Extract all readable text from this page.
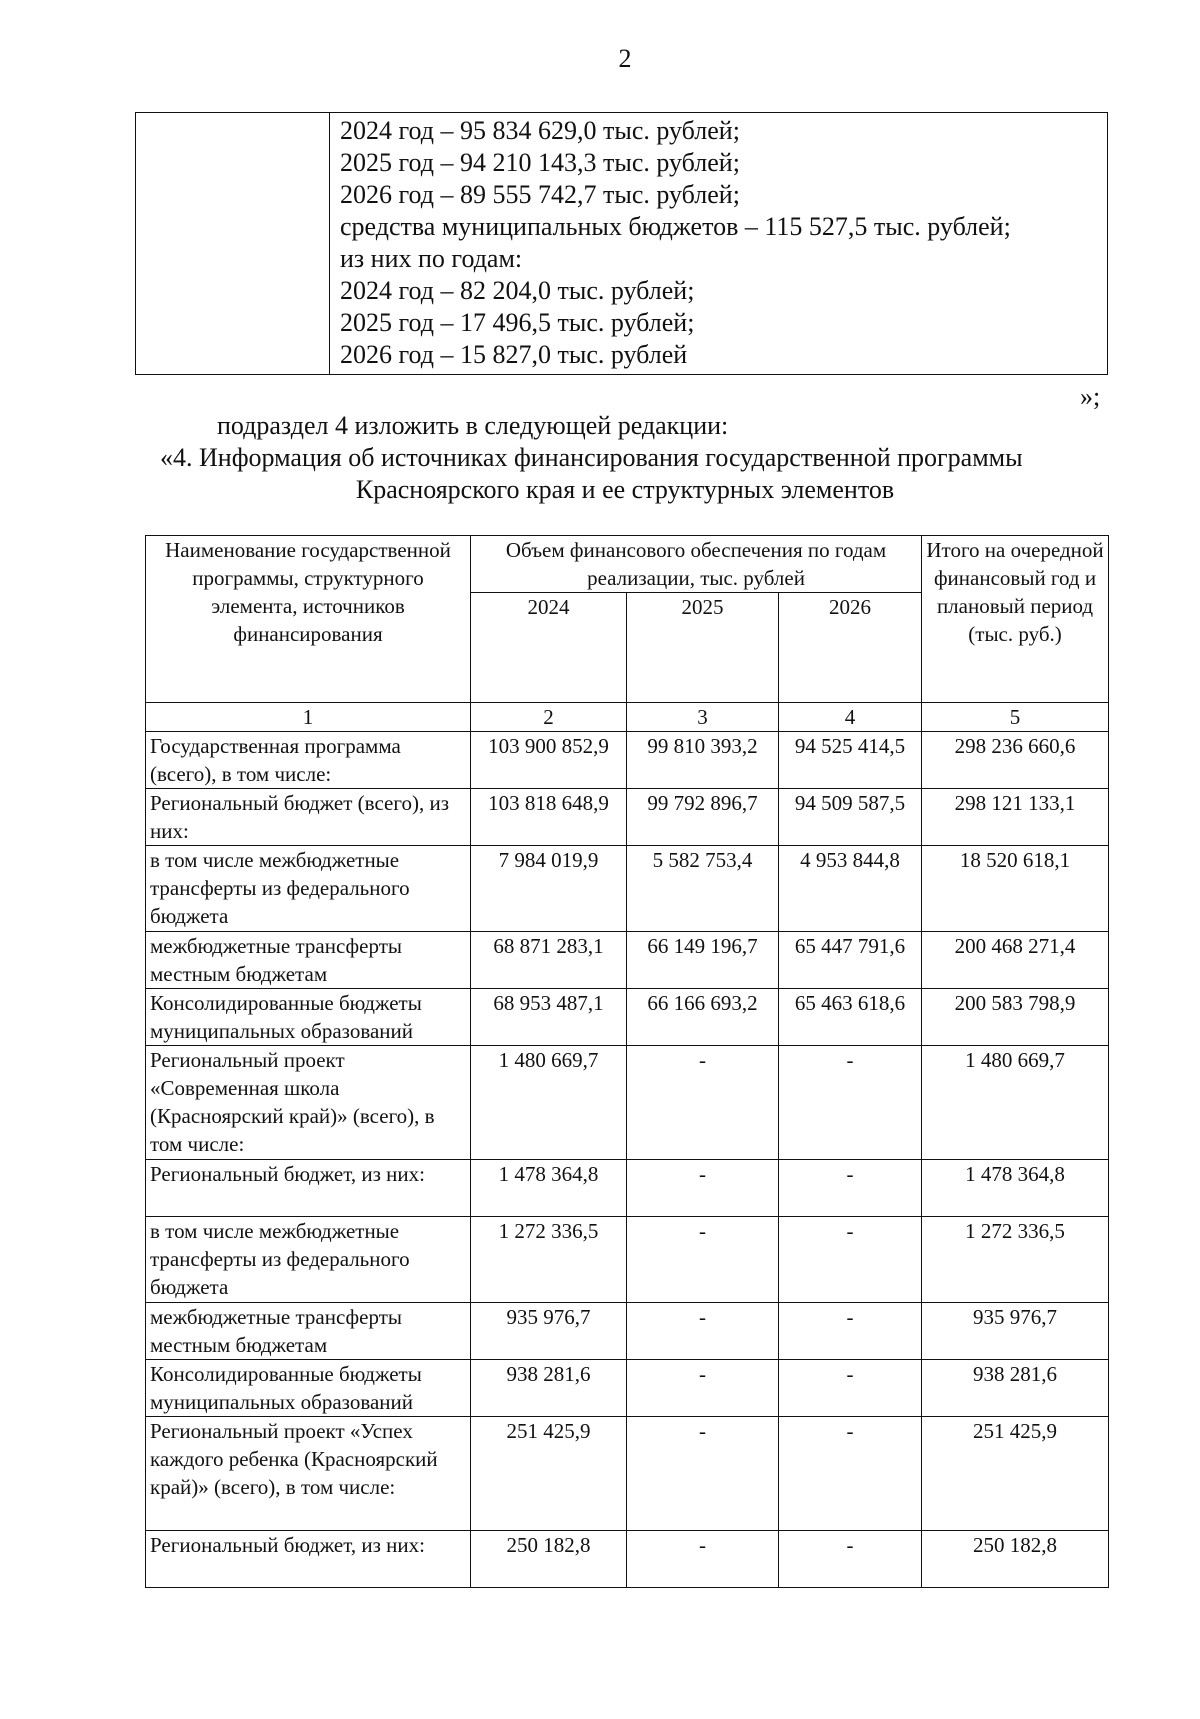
2
2024 год – 95 834 629,0 тыс. рублей;
2025 год – 94 210 143,3 тыс. рублей;
2026 год – 89 555 742,7 тыс. рублей;
средства муниципальных бюджетов – 115 527,5 тыс. рублей;
из них по годам:
2024 год – 82 204,0 тыс. рублей;
2025 год – 17 496,5 тыс. рублей;
2026 год – 15 827,0 тыс. рублей
»;
подраздел 4 изложить в следующей редакции:
«4. Информация об источниках финансирования государственной программы
Красноярского края и ее структурных элементов
Наименование государственной программы, структурного элемента, источников финансирования	Объем финансового обеспечения по годам реализации, тыс. рублей			Итого на очередной финансовый год и плановый период (тыс. руб.)
	2024	2025	2026	
1	2	3	4	5
Государственная программа (всего), в том числе:	103 900 852,9	99 810 393,2	94 525 414,5	298 236 660,6
Региональный бюджет (всего), из них:	103 818 648,9	99 792 896,7	94 509 587,5	298 121 133,1
в том числе межбюджетные трансферты из федерального бюджета	7 984 019,9	5 582 753,4	4 953 844,8	18 520 618,1
межбюджетные трансферты местным бюджетам	68 871 283,1	66 149 196,7	65 447 791,6	200 468 271,4
Консолидированные бюджеты муниципальных образований	68 953 487,1	66 166 693,2	65 463 618,6	200 583 798,9
Региональный проект «Современная школа (Красноярский край)» (всего), в том числе:	1 480 669,7	-	-	1 480 669,7
Региональный бюджет, из них:	1 478 364,8	-	-	1 478 364,8
в том числе межбюджетные трансферты из федерального бюджета	1 272 336,5	-	-	1 272 336,5
межбюджетные трансферты местным бюджетам	935 976,7	-	-	935 976,7
Консолидированные бюджеты муниципальных образований	938 281,6	-	-	938 281,6
Региональный проект «Успех каждого ребенка (Красноярский край)» (всего), в том числе:	251 425,9	-	-	251 425,9
Региональный бюджет, из них:	250 182,8	-	-	250 182,8
